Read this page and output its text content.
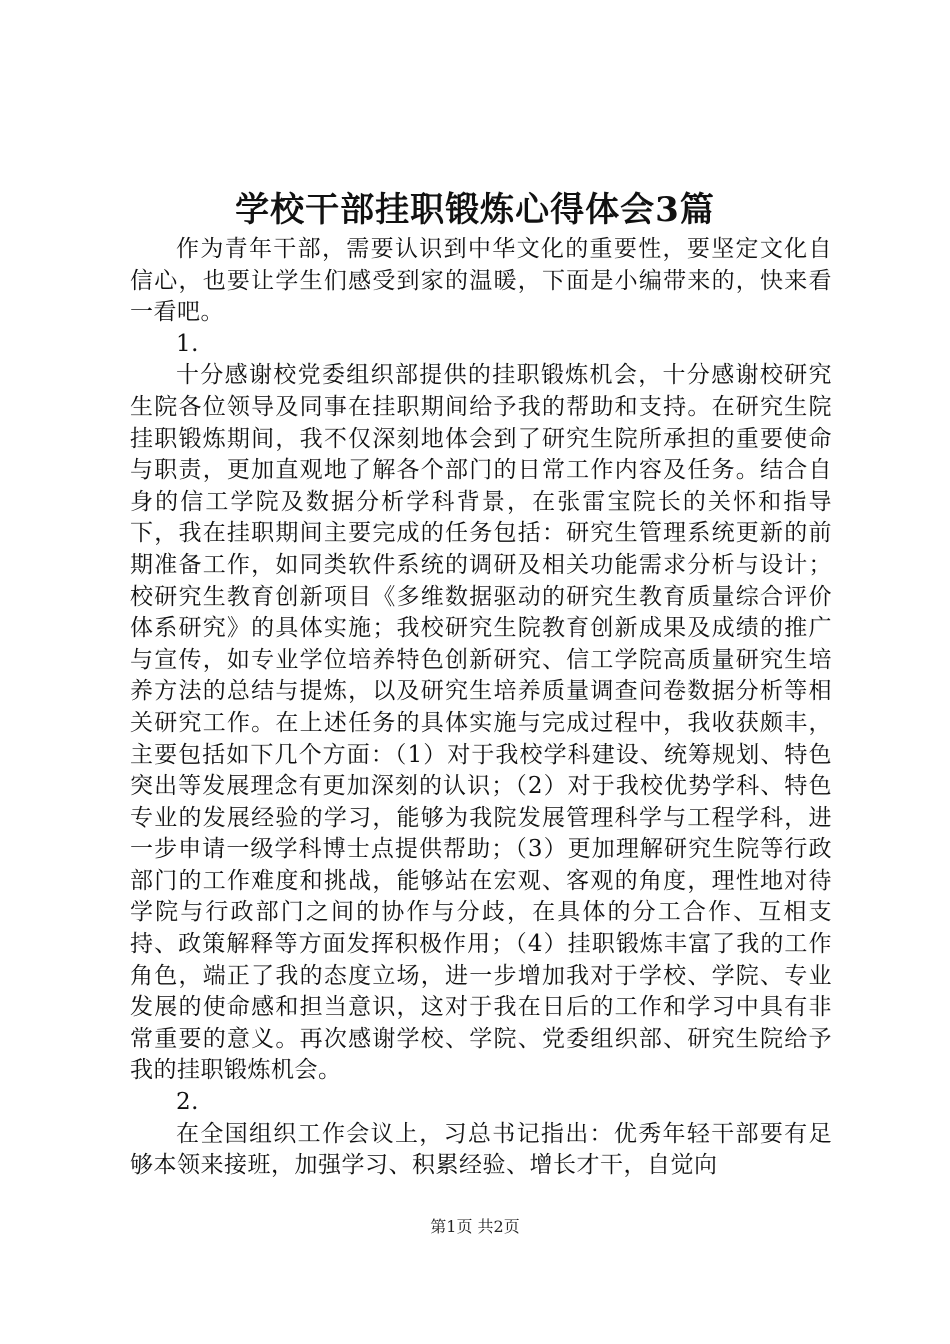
学校干部挂职锻炼心得体会3篇

作为青年干部，需要认识到中华文化的重要性，要坚定文化自信心，也要让学生们感受到家的温暖，下面是小编带来的，快来看一看吧。

1.

十分感谢校党委组织部提供的挂职锻炼机会，十分感谢校研究生院各位领导及同事在挂职期间给予我的帮助和支持。在研究生院挂职锻炼期间，我不仅深刻地体会到了研究生院所承担的重要使命与职责，更加直观地了解各个部门的日常工作内容及任务。结合自身的信工学院及数据分析学科背景，在张雷宝院长的关怀和指导下，我在挂职期间主要完成的任务包括：研究生管理系统更新的前期准备工作，如同类软件系统的调研及相关功能需求分析与设计；校研究生教育创新项目《多维数据驱动的研究生教育质量综合评价体系研究》的具体实施；我校研究生院教育创新成果及成绩的推广与宣传，如专业学位培养特色创新研究、信工学院高质量研究生培养方法的总结与提炼，以及研究生培养质量调查问卷数据分析等相关研究工作。在上述任务的具体实施与完成过程中，我收获颇丰，主要包括如下几个方面：（1）对于我校学科建设、统筹规划、特色突出等发展理念有更加深刻的认识；（2）对于我校优势学科、特色专业的发展经验的学习，能够为我院发展管理科学与工程学科，进一步申请一级学科博士点提供帮助；（3）更加理解研究生院等行政部门的工作难度和挑战，能够站在宏观、客观的角度，理性地对待学院与行政部门之间的协作与分歧，在具体的分工合作、互相支持、政策解释等方面发挥积极作用；（4）挂职锻炼丰富了我的工作角色，端正了我的态度立场，进一步增加我对于学校、学院、专业发展的使命感和担当意识，这对于我在日后的工作和学习中具有非常重要的意义。再次感谢学校、学院、党委组织部、研究生院给予我的挂职锻炼机会。

2.

在全国组织工作会议上，习总书记指出：优秀年轻干部要有足够本领来接班，加强学习、积累经验、增长才干，自觉向

第1页 共2页
